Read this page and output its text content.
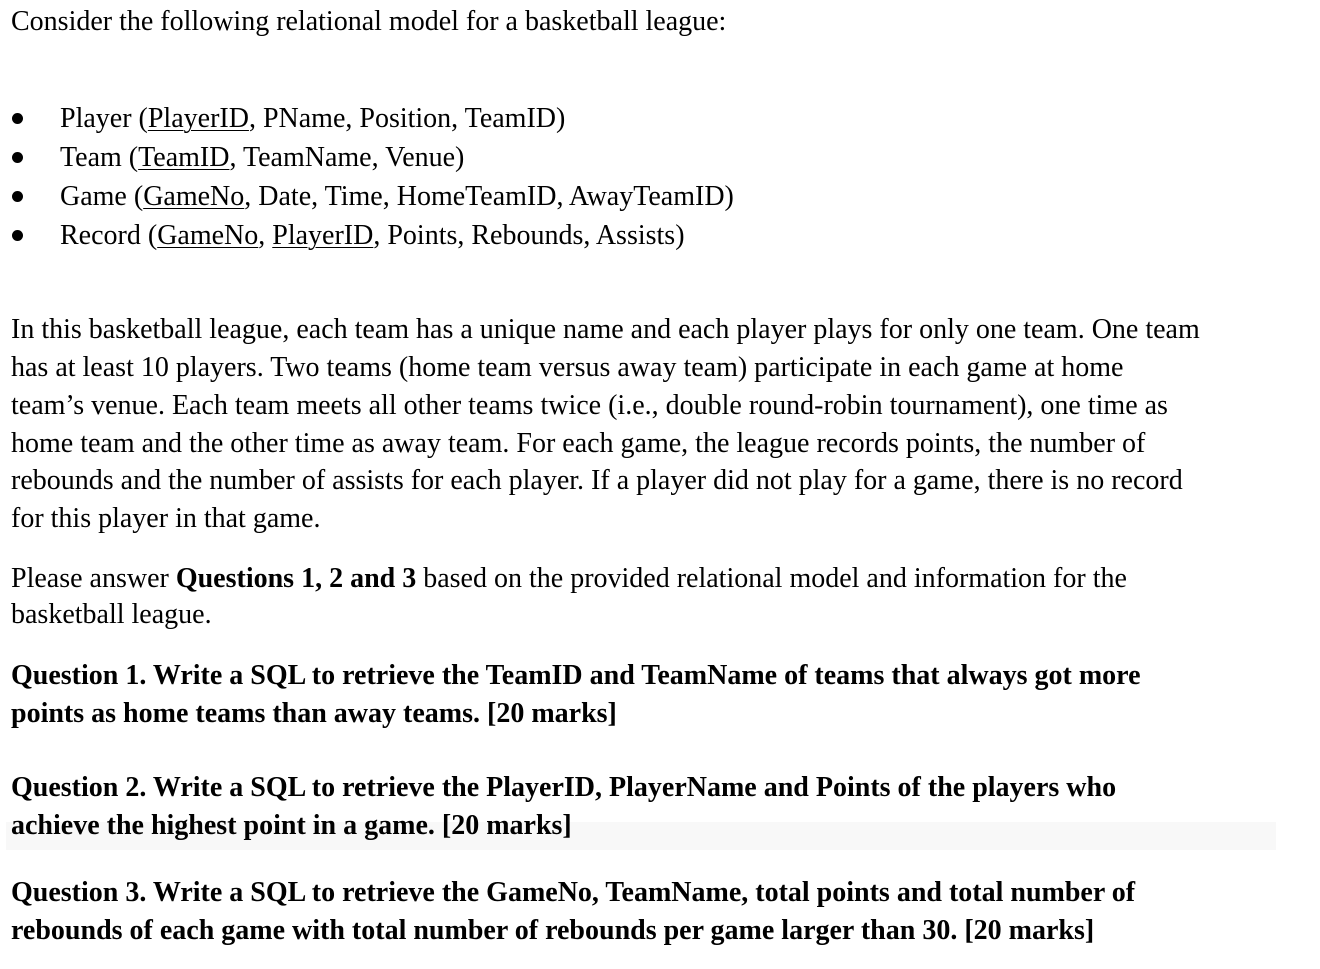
Consider the following relational model for a basketball league:

Player (PlayerID, PName, Position, TeamID)
Team (TeamID, TeamName, Venue)
Game (GameNo, Date, Time, HomeTeamID, AwayTeamID)
Record (GameNo, PlayerID, Points, Rebounds, Assists)

In this basketball league, each team has a unique name and each player plays for only one team. One team

has at least 10 players. Two teams (home team versus away team) participate in each game at home

team’s venue. Each team meets all other teams twice (i.e., double round-robin tournament), one time as

home team and the other time as away team. For each game, the league records points, the number of

rebounds and the number of assists for each player. If a player did not play for a game, there is no record

for this player in that game.

Please answer Questions 1, 2 and 3 based on the provided relational model and information for the

basketball league.

Question 1. Write a SQL to retrieve the TeamID and TeamName of teams that always got more

points as home teams than away teams. [20 marks]

Question 2. Write a SQL to retrieve the PlayerID, PlayerName and Points of the players who

achieve the highest point in a game. [20 marks]

Question 3. Write a SQL to retrieve the GameNo, TeamName, total points and total number of

rebounds of each game with total number of rebounds per game larger than 30. [20 marks]
